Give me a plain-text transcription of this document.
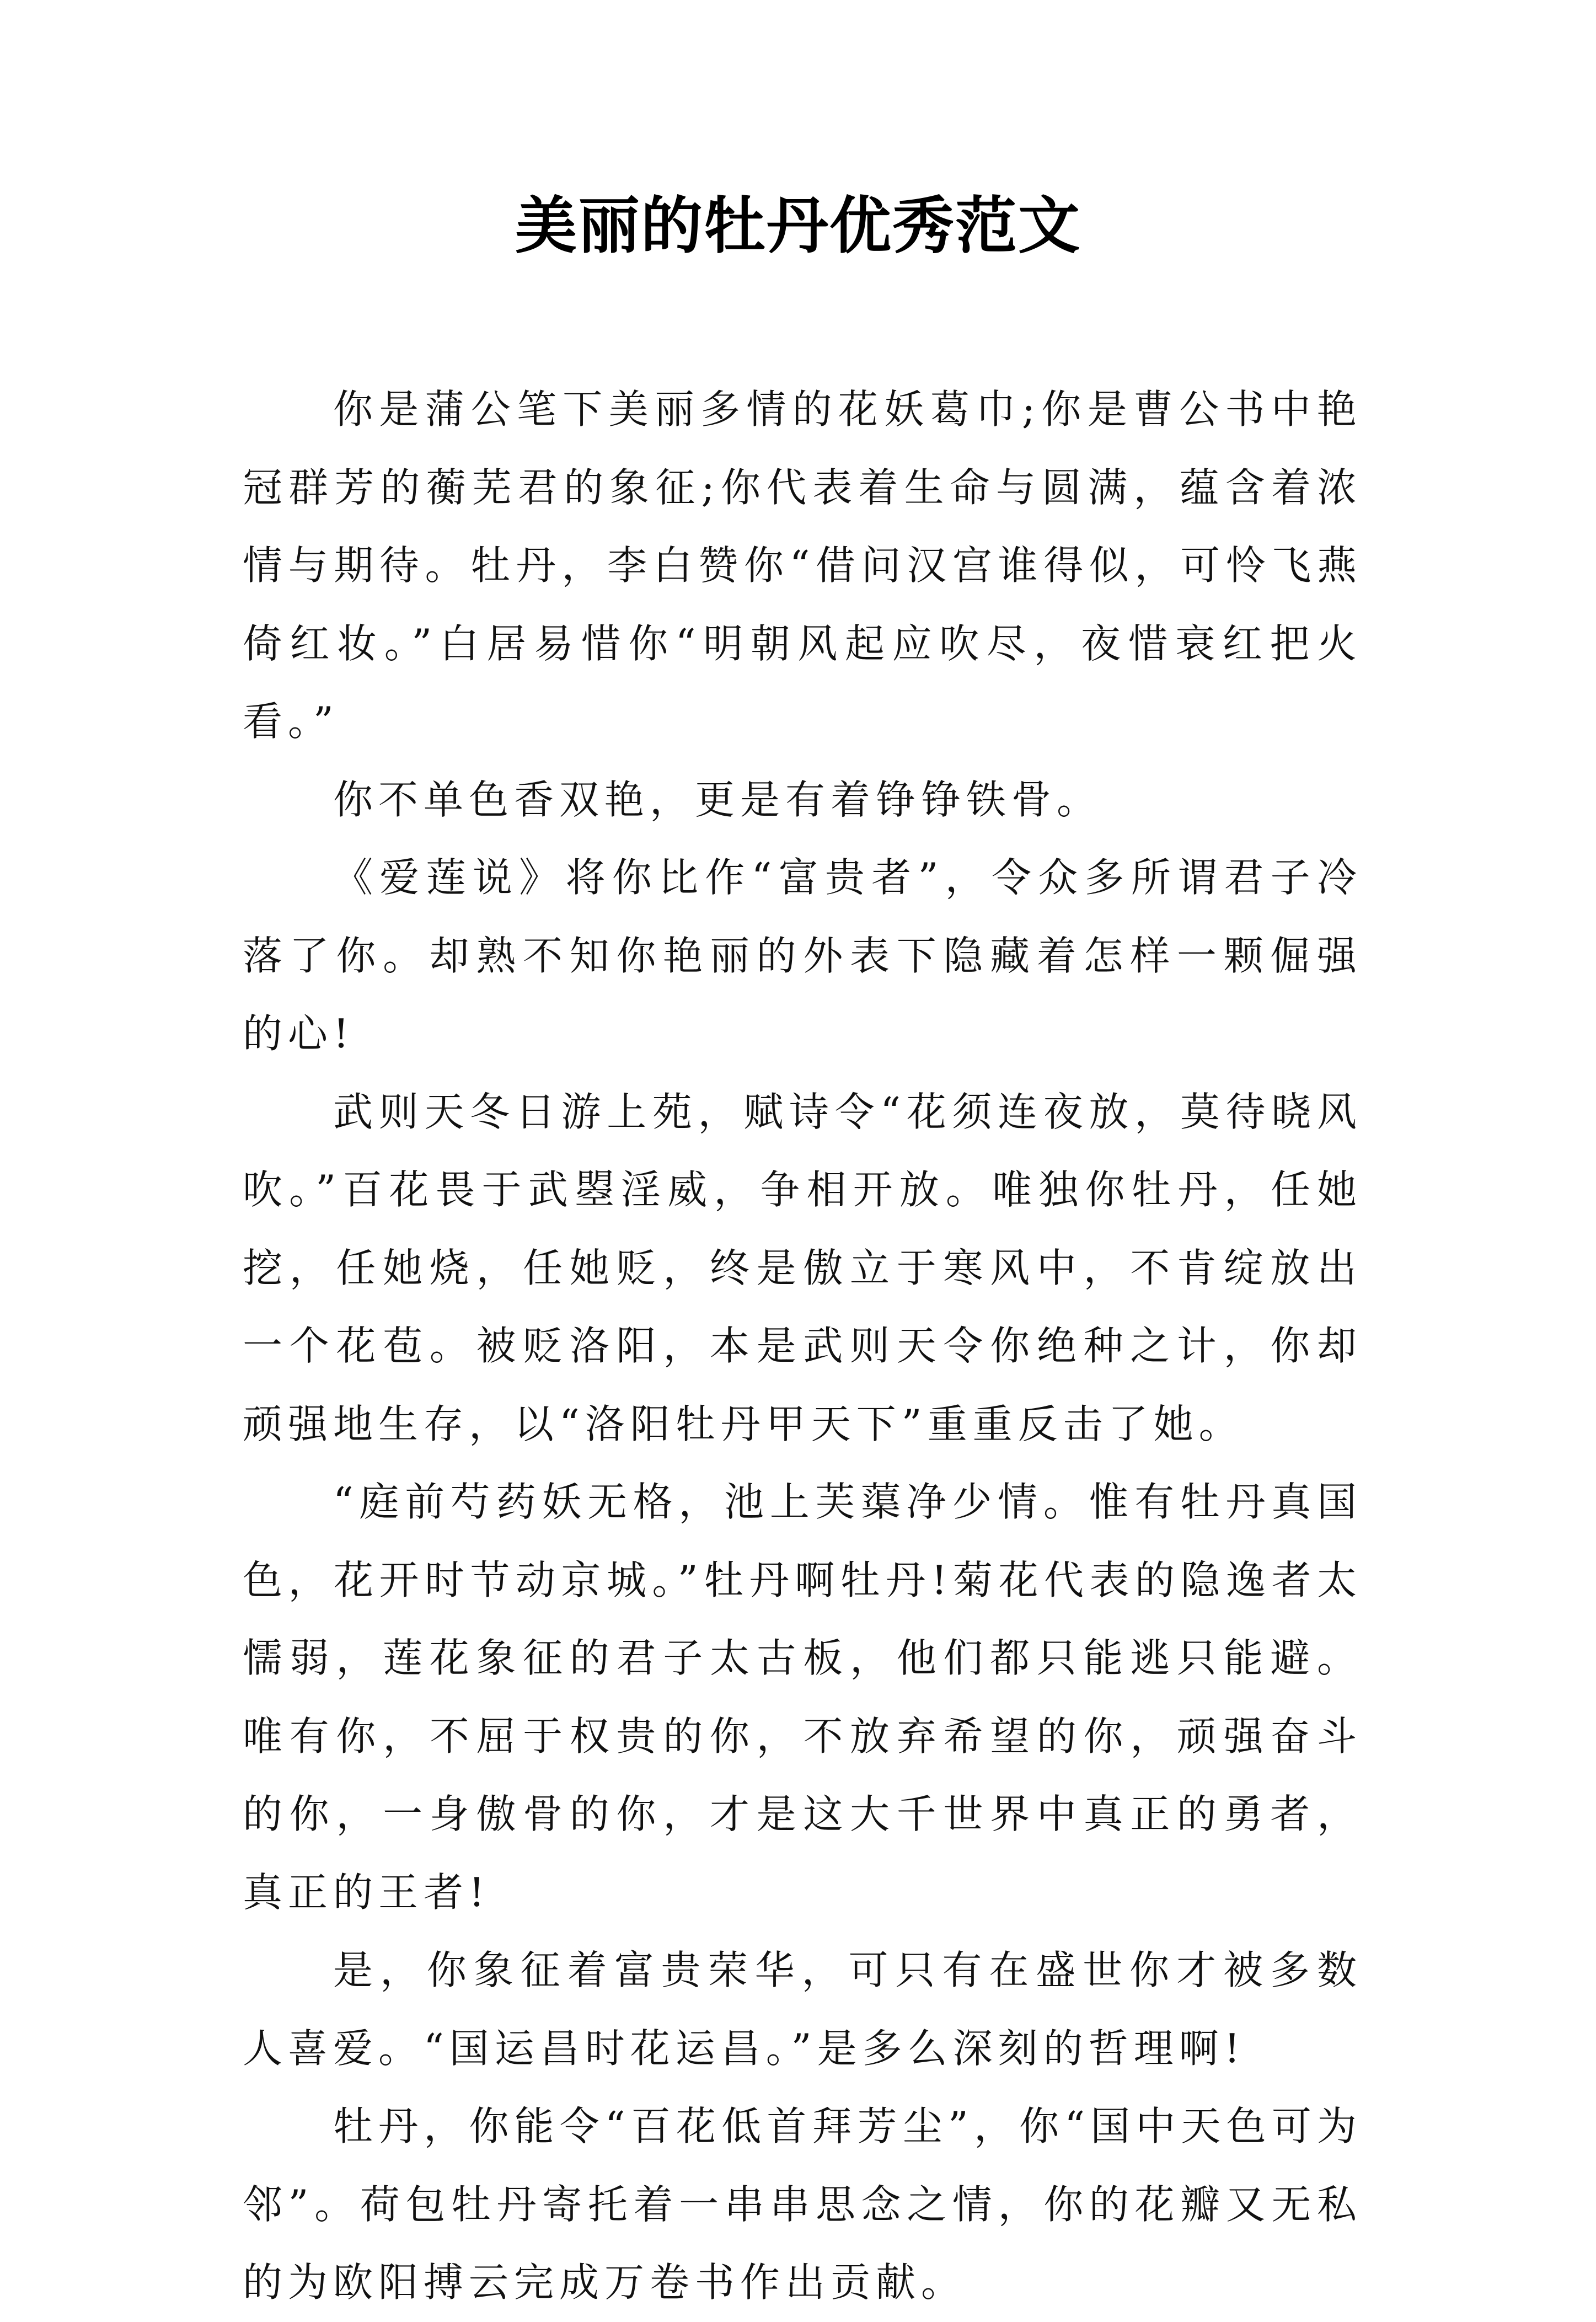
美丽的牡丹优秀范文

你是蒲公笔下美丽多情的花妖葛巾;你是曹公书中艳冠群芳的蘅芜君的象征;你代表着生命与圆满，蕴含着浓情与期待。牡丹，李白赞你“借问汉宫谁得似，可怜飞燕倚红妆。”白居易惜你“明朝风起应吹尽，夜惜衰红把火看。”

你不单色香双艳，更是有着铮铮铁骨。

《爱莲说》将你比作“富贵者”，令众多所谓君子冷落了你。却熟不知你艳丽的外表下隐藏着怎样一颗倔强的心!

武则天冬日游上苑，赋诗令“花须连夜放，莫待晓风吹。”百花畏于武曌淫威，争相开放。唯独你牡丹，任她挖，任她烧，任她贬，终是傲立于寒风中，不肯绽放出一个花苞。被贬洛阳，本是武则天令你绝种之计，你却顽强地生存，以“洛阳牡丹甲天下”重重反击了她。

“庭前芍药妖无格，池上芙蕖净少情。惟有牡丹真国色，花开时节动京城。”牡丹啊牡丹!菊花代表的隐逸者太懦弱，莲花象征的君子太古板，他们都只能逃只能避。唯有你，不屈于权贵的你，不放弃希望的你，顽强奋斗的你，一身傲骨的你，才是这大千世界中真正的勇者，真正的王者!

是，你象征着富贵荣华，可只有在盛世你才被多数人喜爱。“国运昌时花运昌。”是多么深刻的哲理啊!

牡丹，你能令“百花低首拜芳尘”，你“国中天色可为邻”。荷包牡丹寄托着一串串思念之情，你的花瓣又无私的为欧阳搏云完成万卷书作出贡献。
